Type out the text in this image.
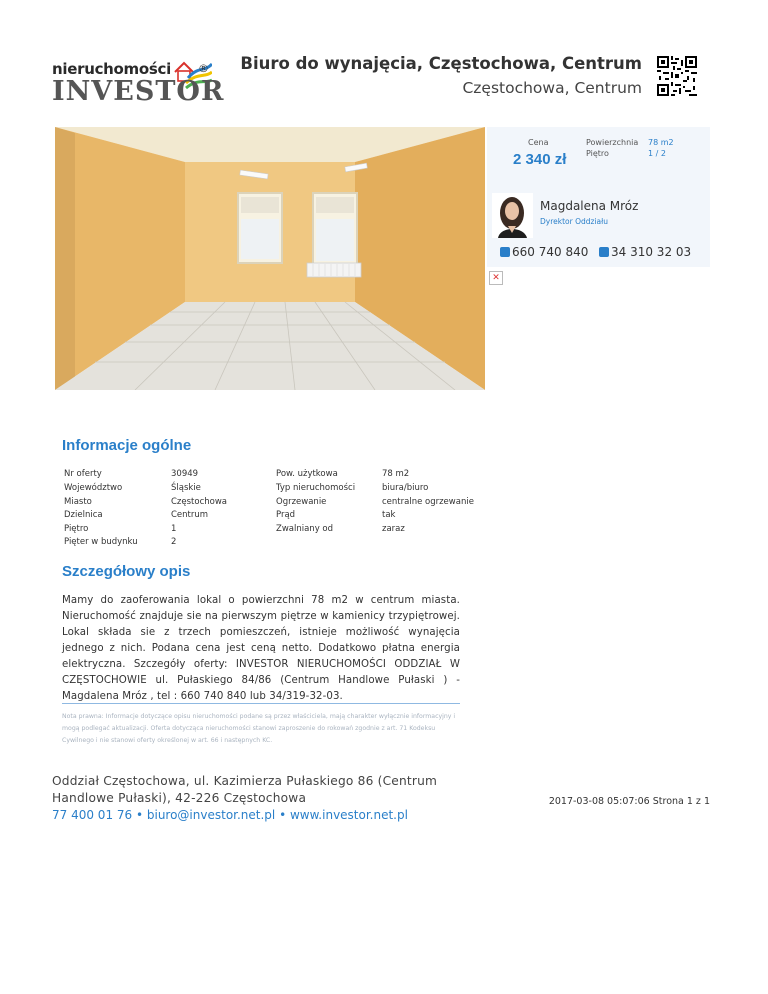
nieruchomości ®
INVESTOR
Biuro do wynajęcia, Częstochowa, Centrum
Częstochowa, Centrum
Cena
2 340 zł
Powierzchnia 78 m2
Piętro	1 / 2
Magdalena Mróz
Dyrektor Oddziału
660 740 840	34 310 32 03
✕
Informacje ogólne
Nr oferty	30949
Województwo	Śląskie
Miasto	Częstochowa
Dzielnica	Centrum
Piętro	1
Pięter w budynku	2
Pow. użytkowa	78 m2
Typ nieruchomości	biura/biuro
Ogrzewanie	centralne ogrzewanie
Prąd	tak
Zwalniany od	zaraz
Szczegółowy opis
Mamy do zaoferowania lokal o powierzchni 78 m2 w centrum miasta. Nieruchomość znajduje sie na pierwszym piętrze w kamienicy trzypiętrowej. Lokal składa sie z trzech pomieszczeń, istnieje możliwość wynajęcia jednego z nich. Podana cena jest ceną netto. Dodatkowo płatna energia elektryczna. Szczegóły oferty: INVESTOR NIERUCHOMOŚCI ODDZIAŁ W CZĘSTOCHOWIE ul. Pułaskiego 84/86 (Centrum Handlowe Pułaski ) - Magdalena Mróz , tel : 660 740 840 lub 34/319-32-03.
Nota prawna: Informacje dotyczące opisu nieruchomości podane są przez właściciela, mają charakter wyłącznie informacyjny i mogą podlegać aktualizacji. Oferta dotycząca nieruchomości stanowi zaproszenie do rokowań zgodnie z art. 71 Kodeksu Cywilnego i nie stanowi oferty określonej w art. 66 i następnych KC.
Oddział Częstochowa, ul. Kazimierza Pułaskiego 86 (Centrum Handlowe Pułaski), 42-226 Częstochowa
77 400 01 76 • biuro@investor.net.pl • www.investor.net.pl
2017-03-08 05:07:06 Strona 1 z 1
